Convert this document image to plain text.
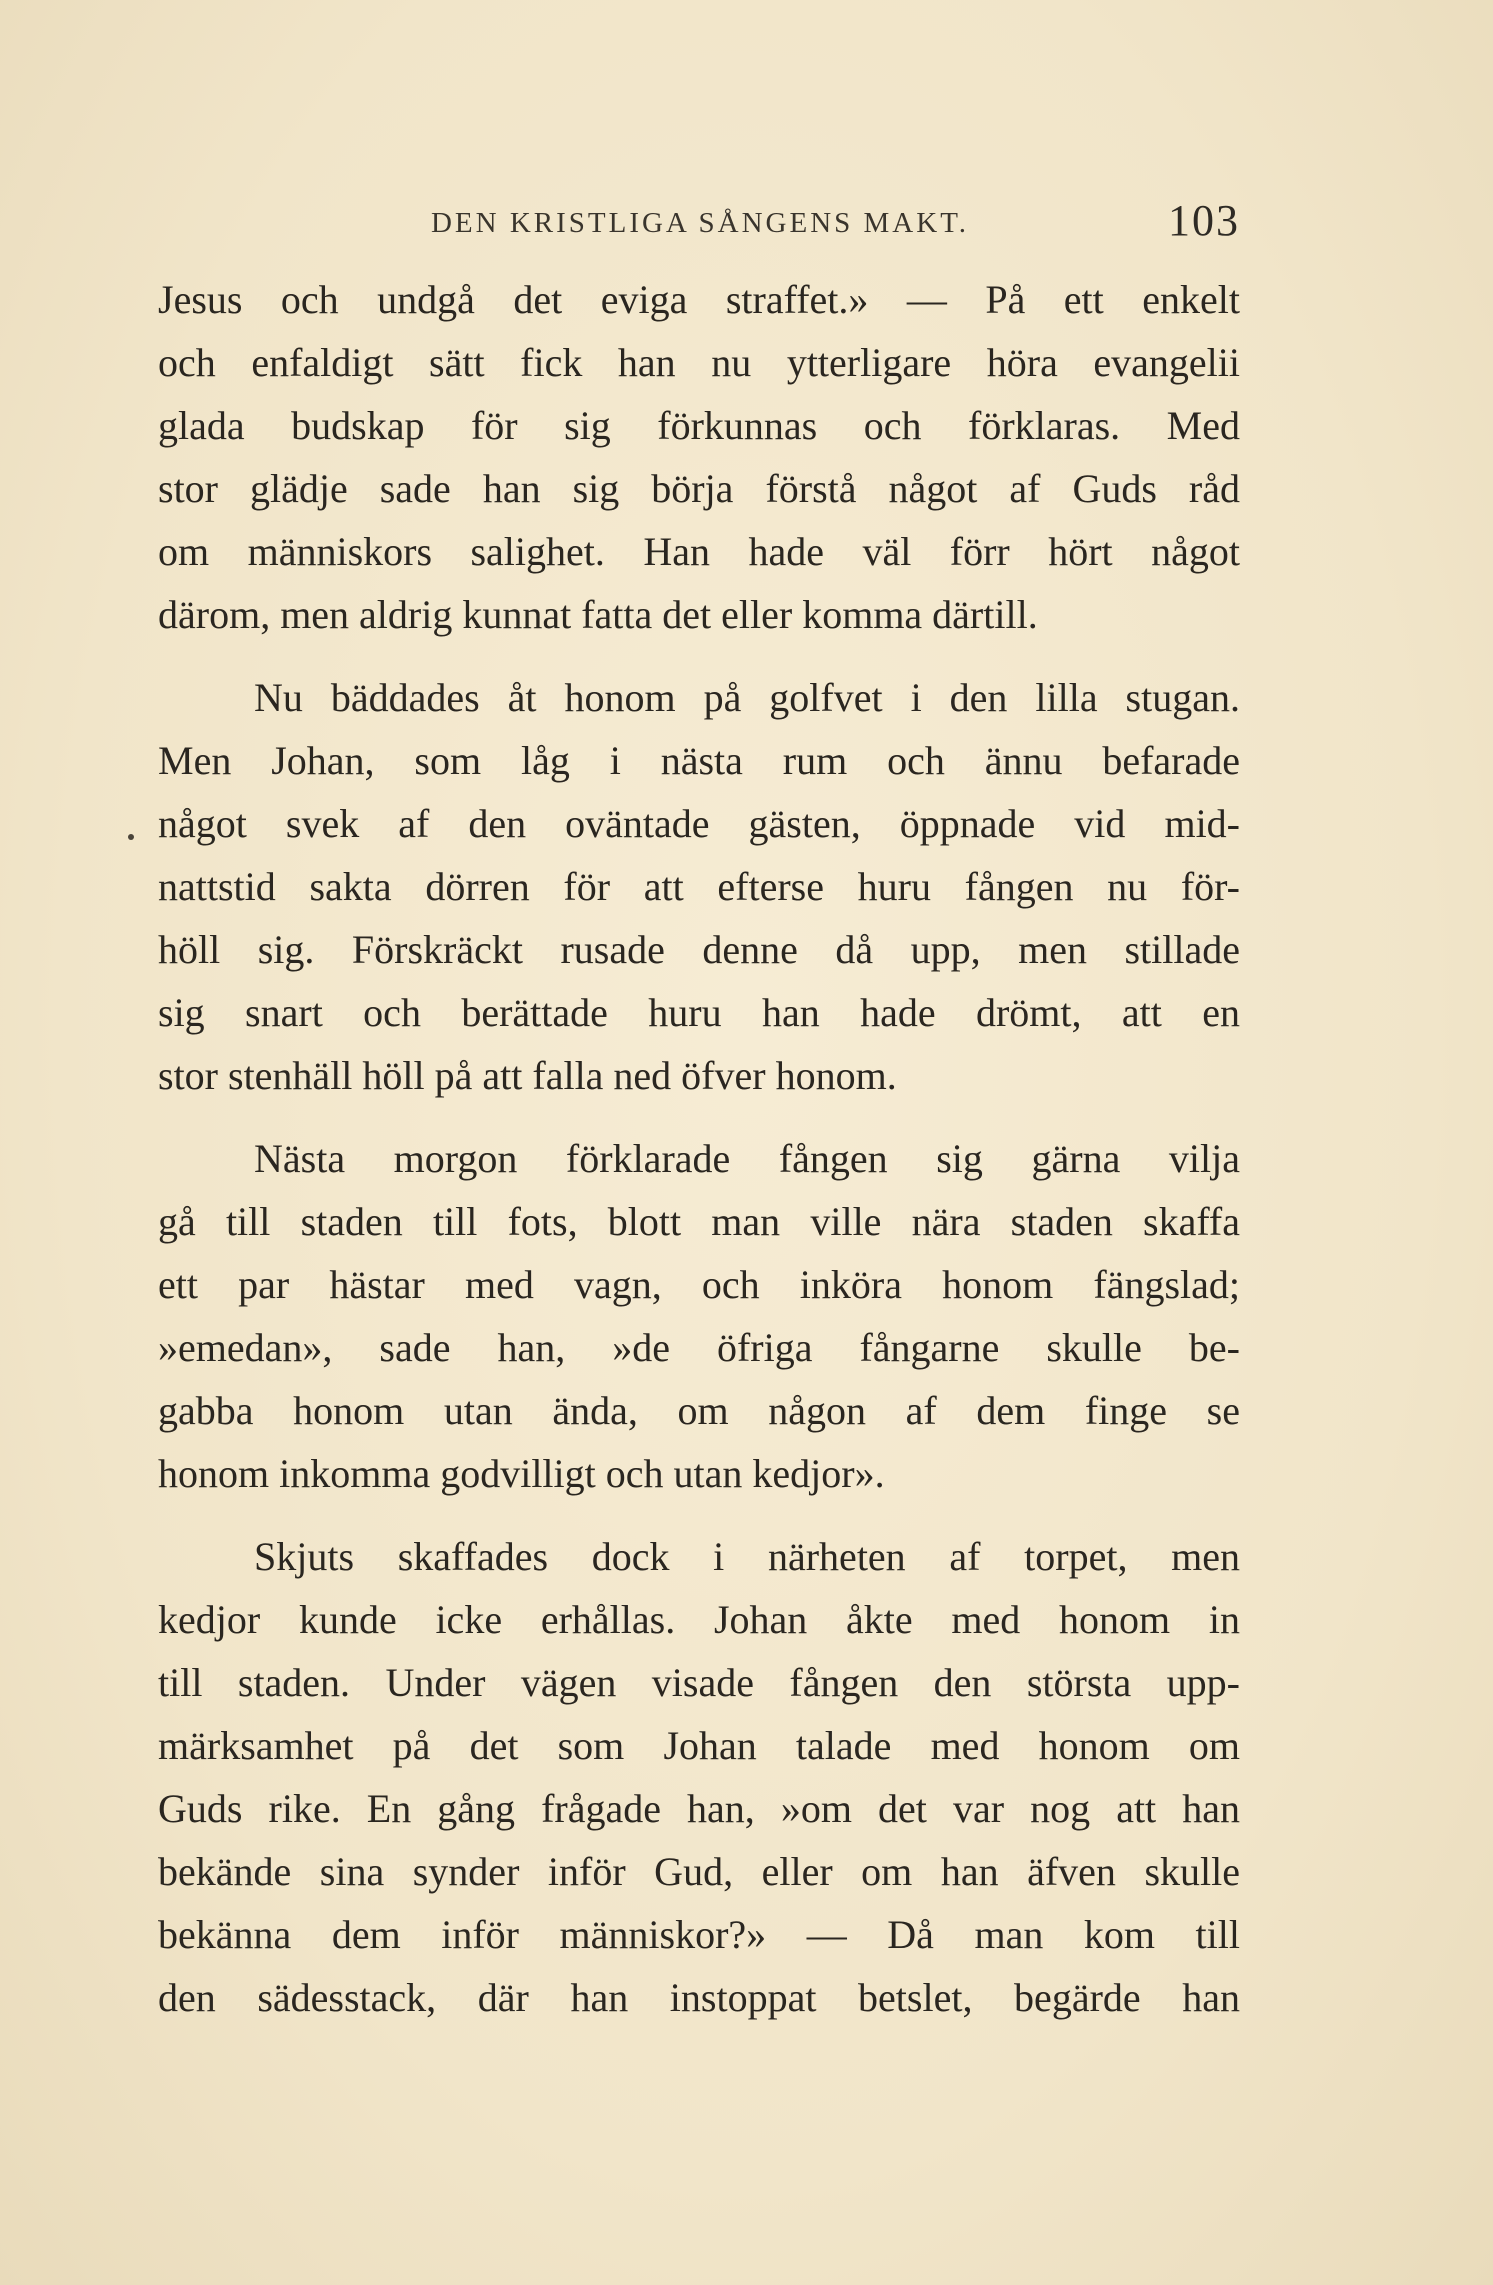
DEN KRISTLIGA SÅNGENS MAKT.	103

Jesus och undgå det eviga straffet.» — På ett enkelt
och enfaldigt sätt fick han nu ytterligare höra evangelii
glada budskap för sig förkunnas och förklaras. Med
stor glädje sade han sig börja förstå något af Guds råd
om människors salighet. Han hade väl förr hört något
därom, men aldrig kunnat fatta det eller komma därtill.

Nu bäddades åt honom på golfvet i den lilla stugan.
Men Johan, som låg i nästa rum och ännu befarade
något svek af den oväntade gästen, öppnade vid mid-
nattstid sakta dörren för att efterse huru fången nu för-
höll sig. Förskräckt rusade denne då upp, men stillade
sig snart och berättade huru han hade drömt, att en
stor stenhäll höll på att falla ned öfver honom.

Nästa morgon förklarade fången sig gärna vilja
gå till staden till fots, blott man ville nära staden skaffa
ett par hästar med vagn, och inköra honom fängslad;
»emedan», sade han, »de öfriga fångarne skulle be-
gabba honom utan ända, om någon af dem finge se
honom inkomma godvilligt och utan kedjor».

Skjuts skaffades dock i närheten af torpet, men
kedjor kunde icke erhållas. Johan åkte med honom in
till staden. Under vägen visade fången den största upp-
märksamhet på det som Johan talade med honom om
Guds rike. En gång frågade han, »om det var nog att han
bekände sina synder inför Gud, eller om han äfven skulle
bekänna dem inför människor?» — Då man kom till
den sädesstack, där han instoppat betslet, begärde han
